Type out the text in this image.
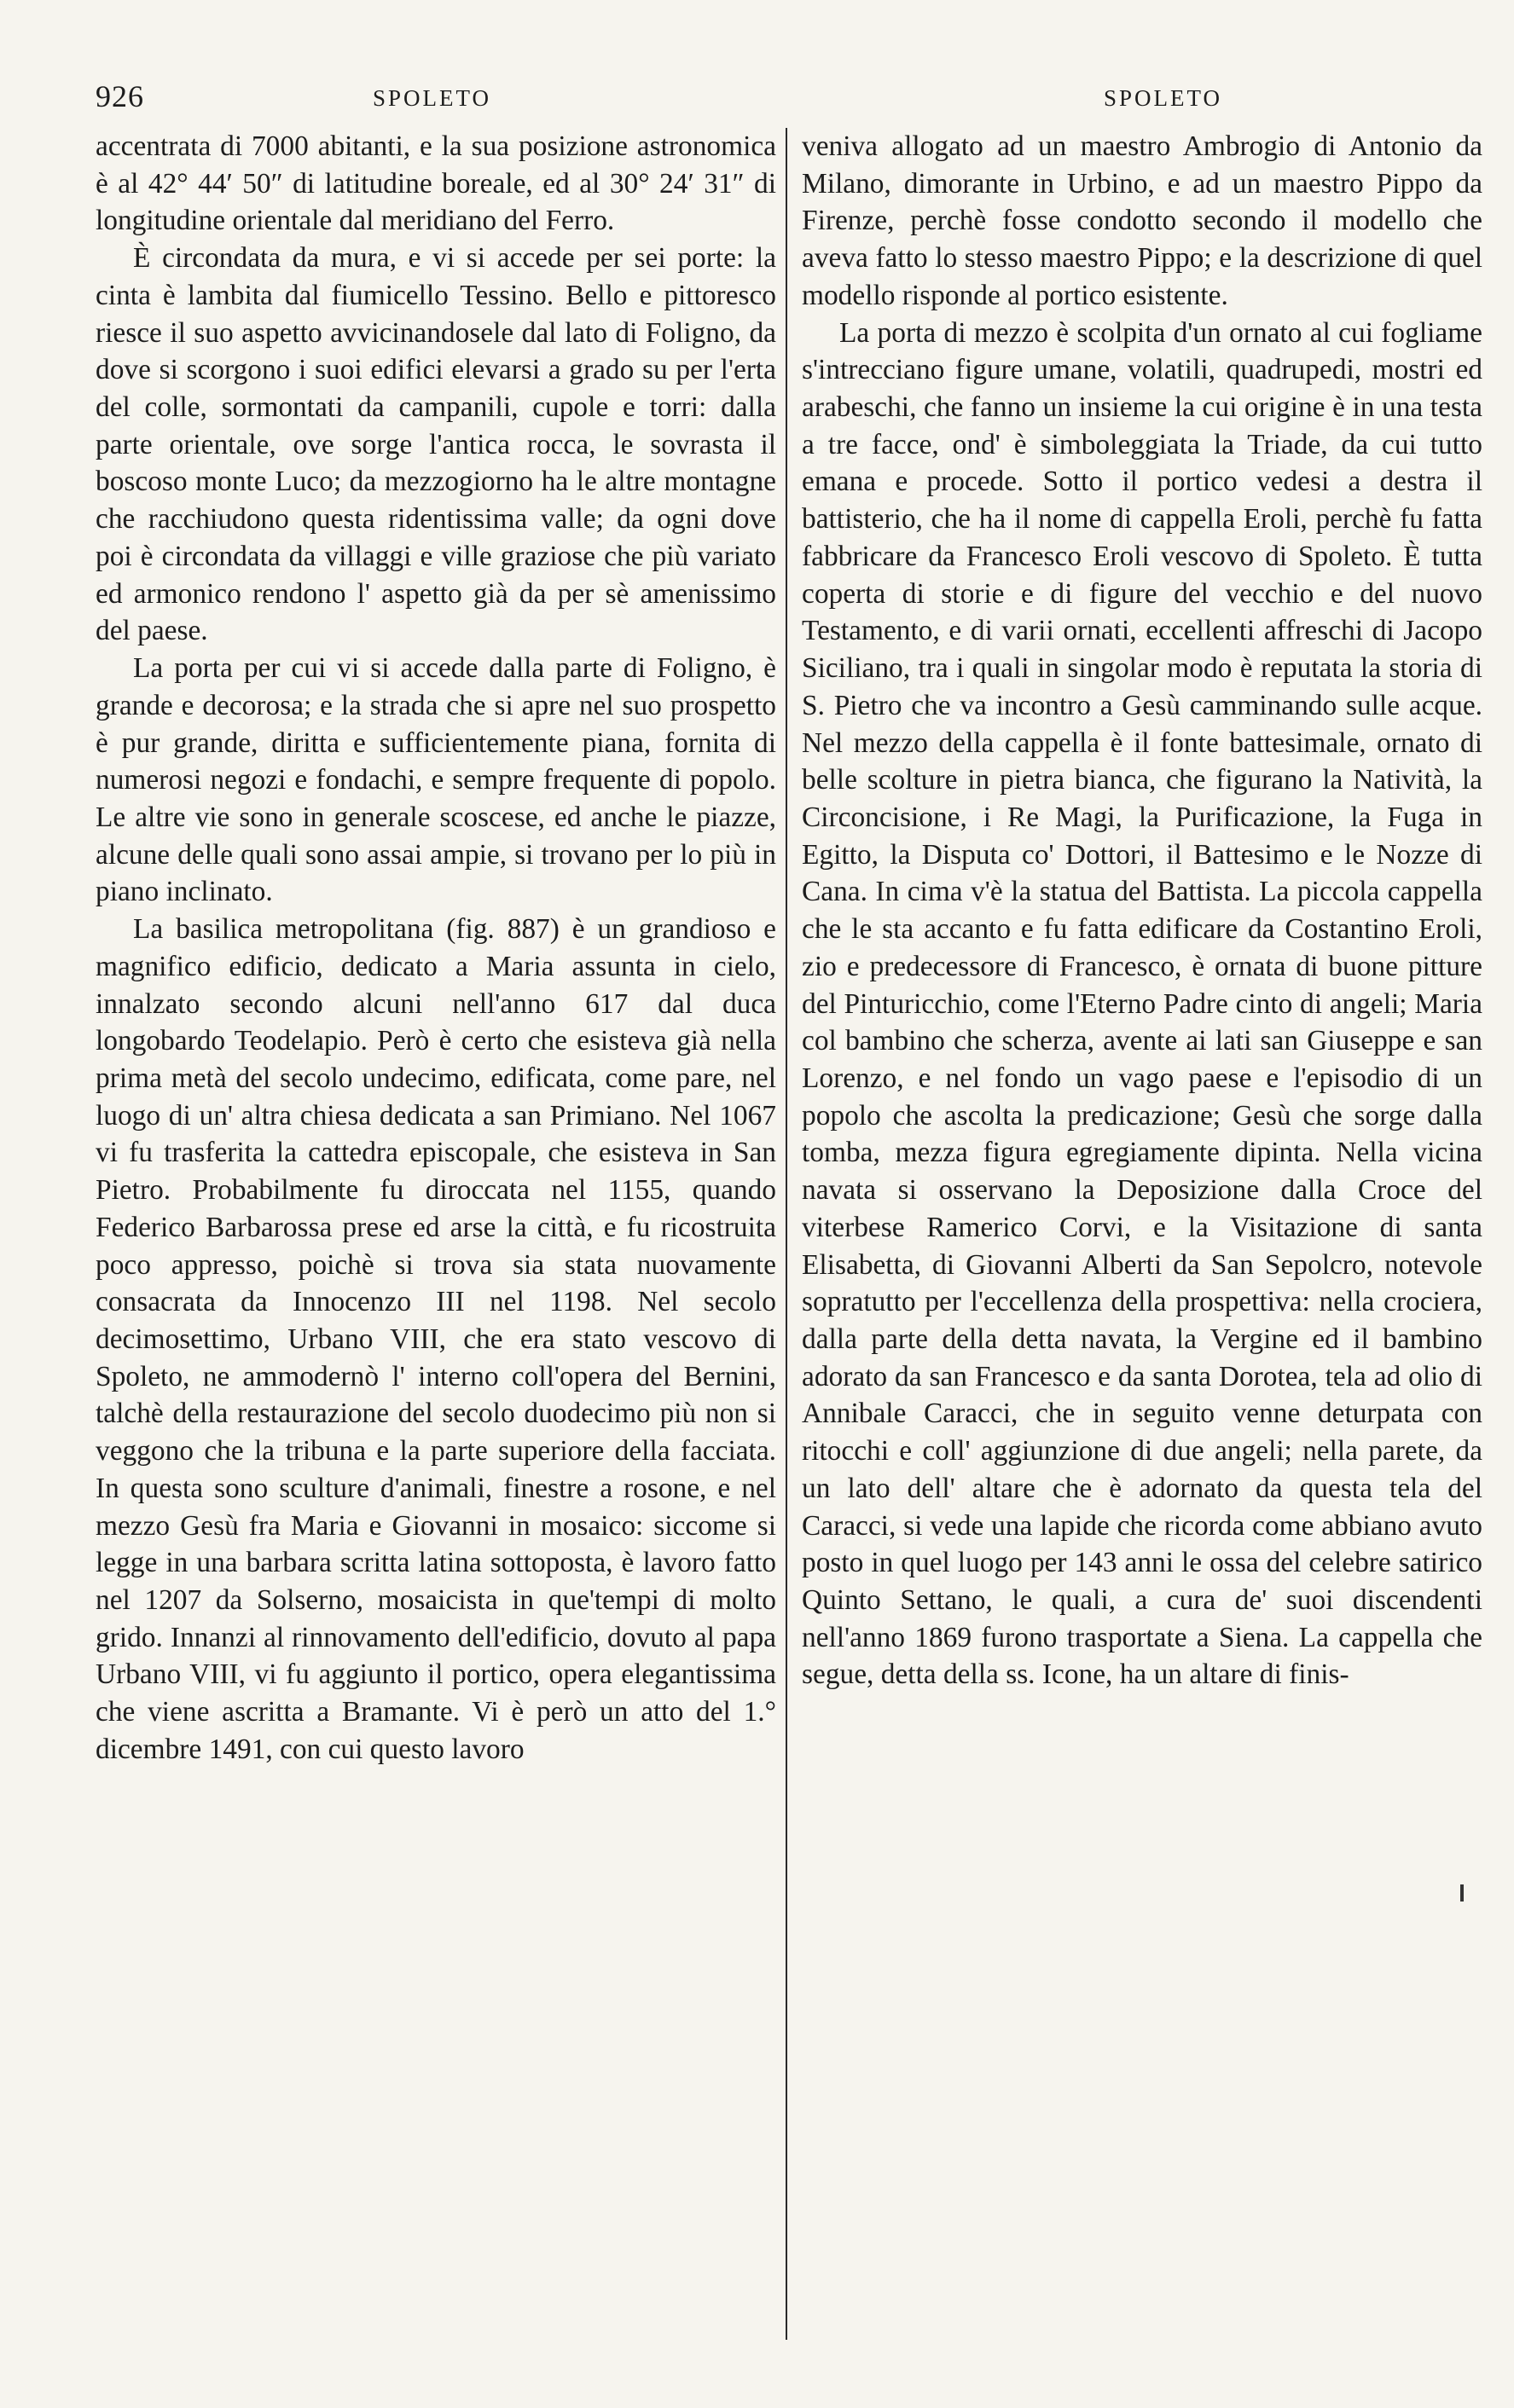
926	SPOLETO	SPOLETO

accentrata di 7000 abitanti, e la sua posizione astronomica è al 42° 44′ 50″ di latitudine boreale, ed al 30° 24′ 31″ di longitudine orientale dal meridiano del Ferro.

È circondata da mura, e vi si accede per sei porte: la cinta è lambita dal fiumicello Tessino. Bello e pittoresco riesce il suo aspetto avvicinandosele dal lato di Foligno, da dove si scorgono i suoi edifici elevarsi a grado su per l'erta del colle, sormontati da campanili, cupole e torri: dalla parte orientale, ove sorge l'antica rocca, le sovrasta il boscoso monte Luco; da mezzogiorno ha le altre montagne che racchiudono questa ridentissima valle; da ogni dove poi è circondata da villaggi e ville graziose che più variato ed armonico rendono l' aspetto già da per sè amenissimo del paese.

La porta per cui vi si accede dalla parte di Foligno, è grande e decorosa; e la strada che si apre nel suo prospetto è pur grande, diritta e sufficientemente piana, fornita di numerosi negozi e fondachi, e sempre frequente di popolo. Le altre vie sono in generale scoscese, ed anche le piazze, alcune delle quali sono assai ampie, si trovano per lo più in piano inclinato.

La basilica metropolitana (fig. 887) è un grandioso e magnifico edificio, dedicato a Maria assunta in cielo, innalzato secondo alcuni nell'anno 617 dal duca longobardo Teodelapio. Però è certo che esisteva già nella prima metà del secolo undecimo, edificata, come pare, nel luogo di un' altra chiesa dedicata a san Primiano. Nel 1067 vi fu trasferita la cattedra episcopale, che esisteva in San Pietro. Probabilmente fu diroccata nel 1155, quando Federico Barbarossa prese ed arse la città, e fu ricostruita poco appresso, poichè si trova sia stata nuovamente consacrata da Innocenzo III nel 1198. Nel secolo decimosettimo, Urbano VIII, che era stato vescovo di Spoleto, ne ammodernò l' interno coll'opera del Bernini, talchè della restaurazione del secolo duodecimo più non si veggono che la tribuna e la parte superiore della facciata. In questa sono sculture d'animali, finestre a rosone, e nel mezzo Gesù fra Maria e Giovanni in mosaico: siccome si legge in una barbara scritta latina sottoposta, è lavoro fatto nel 1207 da Solserno, mosaicista in que'tempi di molto grido. Innanzi al rinnovamento dell'edificio, dovuto al papa Urbano VIII, vi fu aggiunto il portico, opera elegantissima che viene ascritta a Bramante. Vi è però un atto del 1.° dicembre 1491, con cui questo lavoro

veniva allogato ad un maestro Ambrogio di Antonio da Milano, dimorante in Urbino, e ad un maestro Pippo da Firenze, perchè fosse condotto secondo il modello che aveva fatto lo stesso maestro Pippo; e la descrizione di quel modello risponde al portico esistente.

La porta di mezzo è scolpita d'un ornato al cui fogliame s'intrecciano figure umane, volatili, quadrupedi, mostri ed arabeschi, che fanno un insieme la cui origine è in una testa a tre facce, ond' è simboleggiata la Triade, da cui tutto emana e procede. Sotto il portico vedesi a destra il battisterio, che ha il nome di cappella Eroli, perchè fu fatta fabbricare da Francesco Eroli vescovo di Spoleto. È tutta coperta di storie e di figure del vecchio e del nuovo Testamento, e di varii ornati, eccellenti affreschi di Jacopo Siciliano, tra i quali in singolar modo è reputata la storia di S. Pietro che va incontro a Gesù camminando sulle acque. Nel mezzo della cappella è il fonte battesimale, ornato di belle scolture in pietra bianca, che figurano la Natività, la Circoncisione, i Re Magi, la Purificazione, la Fuga in Egitto, la Disputa co' Dottori, il Battesimo e le Nozze di Cana. In cima v'è la statua del Battista. La piccola cappella che le sta accanto e fu fatta edificare da Costantino Eroli, zio e predecessore di Francesco, è ornata di buone pitture del Pinturicchio, come l'Eterno Padre cinto di angeli; Maria col bambino che scherza, avente ai lati san Giuseppe e san Lorenzo, e nel fondo un vago paese e l'episodio di un popolo che ascolta la predicazione; Gesù che sorge dalla tomba, mezza figura egregiamente dipinta. Nella vicina navata si osservano la Deposizione dalla Croce del viterbese Ramerico Corvi, e la Visitazione di santa Elisabetta, di Giovanni Alberti da San Sepolcro, notevole sopratutto per l'eccellenza della prospettiva: nella crociera, dalla parte della detta navata, la Vergine ed il bambino adorato da san Francesco e da santa Dorotea, tela ad olio di Annibale Caracci, che in seguito venne deturpata con ritocchi e coll' aggiunzione di due angeli; nella parete, da un lato dell' altare che è adornato da questa tela del Caracci, si vede una lapide che ricorda come abbiano avuto posto in quel luogo per 143 anni le ossa del celebre satirico Quinto Settano, le quali, a cura de' suoi discendenti nell'anno 1869 furono trasportate a Siena. La cappella che segue, detta della ss. Icone, ha un altare di finis-
